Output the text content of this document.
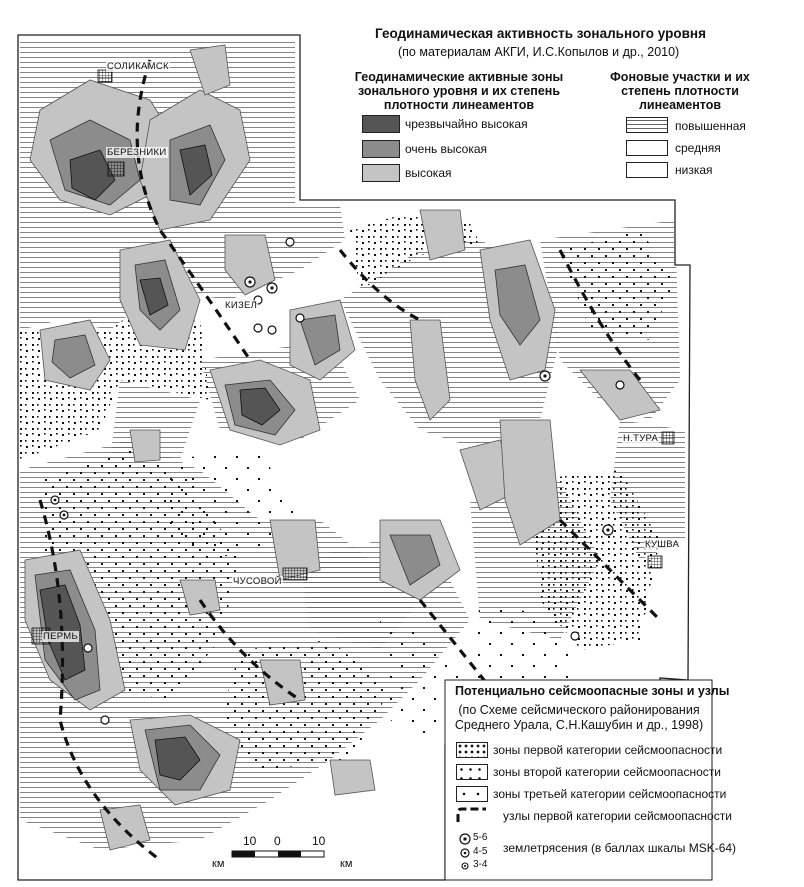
Геодинамическая активность зонального уровня
(по материалам АКГИ, И.С.Копылов и др., 2010)
Геодинамические активные зоны
зонального уровня и их степень
плотности линеаментов
Фоновые участки и их
степень плотности
линеаментов
чрезвычайно высокая
очень высокая
высокая
повышенная
средняя
низкая
Потенциально сейсмоопасные зоны и узлы
(по Схеме сейсмического районирования
Среднего Урала, С.Н.Кашубин и др., 1998)
зоны первой категории сейсмоопасности
зоны второй категории сейсмоопасности
зоны третьей категории сейсмоопасности
узлы первой категории сейсмоопасности
5-6
4-5
3-4
землетрясения (в баллах шкалы MSK-64)
10 0	10
км	км
СОЛИКАМСК
БЕРЕЗНИКИ
КИЗЕЛ
ЧУСОВОЙ
ПЕРМЬ
Н.ТУРА
КУШВА
